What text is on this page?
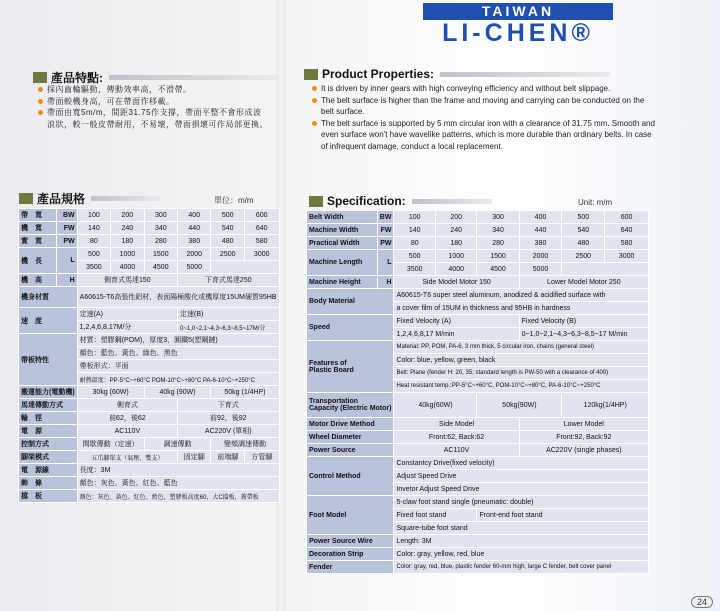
TAIWAN
LI-CHEN®
產品特點:
採內齒輪驅動，傳動效率高，不滑帶。
帶面較機身高，可在帶面作移載。
帶面由寬5m/m，間距31.75作支撐，帶面平整不會形成波浪狀，較一般皮帶耐用，不易壞，帶面損壞可作局部更換。
Product Properties:
It is driven by inner gears with high conveying efficiency and without belt slippage.
The belt surface is higher than the frame and moving and carrying can be conducted on the belt surface.
The belt surface is supported by 5 mm circular iron with a clearance of 31.75 mm. Smooth and even surface won't have wavelike patterns, which is more durable than ordinary belts. In case of infrequent damage, conduct a local replacement.
產品規格	單位：m/m
帶　寬	BW	100	200	300	400	500	600
機　寬	FW	140	240	340	440	540	640
實　寬	PW	80	180	280	380	480	580
機　長	L	500	1000	1500	2000	2500	3000
		3500	4000	4500	5000		
機　高	H	側育式馬達150			下育式馬達250		
機身材質		A60615-T6高張性鋁材，表面陽極酸化或機厚度15UM硬質95HB					
速　度		定速(A)			定速(B)		
		1,2,4,6,8,17M/分			0~1,0~2,1~4,3~6,3~8,5~17M/分		
帶板特性		材質：塑膠鋼(POM)，厚度3，圓鐵5(塑鋼鏈)					
		顏色：藍色、黃色、綠色、黑色					
		帶板形式：平面					
		耐熱溫度：PP-5°C~+60°C POM-10°C~+80°C PA-6-10°C~+250°C					
搬運能力(電動機)		30kg (60W)		40kg (90W)		50kg (1/4HP)	
馬達傳動方式		側育式			下育式		
輪　徑		前62，後62			前92，後92		
電　源		AC110V			AC220V (單相)		
控制方式		間歇傳動（定速）		調速傳動		變頻調速傳動	
腳架模式		五爪腳單支（氣壓，雙支）			固定腳	前端腳	方管腳
電　源線		長度：3M					
飾　條		顏色：灰色、黃色、紅色、藍色					
擋　板		顏色：灰色、黃色、紅色、藍色，塑膠板高度60，大C擋板，蓋帶板					
Specification:	Unit: m/m
Belt Width	BW	100	200	300	400	500	600
Machine Width	FW	140	240	340	440	540	640
Practical Width	PW	80	180	280	380	480	580
Machine Length	L	500	1000	1500	2000	2500	3000
		3500	4000	4500	5000		
Machine Height	H	Side Model Motor 150			Lower Model Motor 250		
Body Material		A60615-T6 super steel aluminum, anodized & acidified surface with					
		a cover film of 15UM in thickness and 95HB in hardness					
Speed		Fixed Velocity (A)			Fixed Velocity (B)		
		1,2,4,6,8,17 M/min			0~1,0~2,1~4,3~6,3~8,5~17 M/min		

Features of
Plastic Board		Material: PP, POM, PA-6, 3 mm thick, 5 circular iron, chains (general steel)					
		Color: blue, yellow, green, black					
		Belt: Plane (fender H: 20, 35; standard length is PW-50 with a clearance of 400)					
		Heat resistant temp.:PP-5°C~+60°C, POM-10°C~+80°C, PA-6-10°C~+250°C					

Transportation
Capacity (Electric Motor)		40kg(60W)		50kg(90W)		120kg(1/4HP)	
Motor Drive Method		Side Model			Lower Model		
Wheel Diameter		Front:62, Back:62			Front:92, Back:92		
Power Source		AC110V			AC220V (single phases)		
Control Method		Constantcy Drive(fixed velocity)					
		Adjust Speed Drive					
		Invetor Adjust Speed Drive					
Foot Model		5-claw foot stand single (pneumatic: double)					
		Fixed foot stand		Front-end foot stand			
		Square-tube foot stand					
Power Source Wire		Length: 3M					
Decoration Strip		Color: gray, yellow, red, blue					
Fender		Color: gray, red, blue, plastic fender 60-mm high, large C fender, belt cover panel					
24
